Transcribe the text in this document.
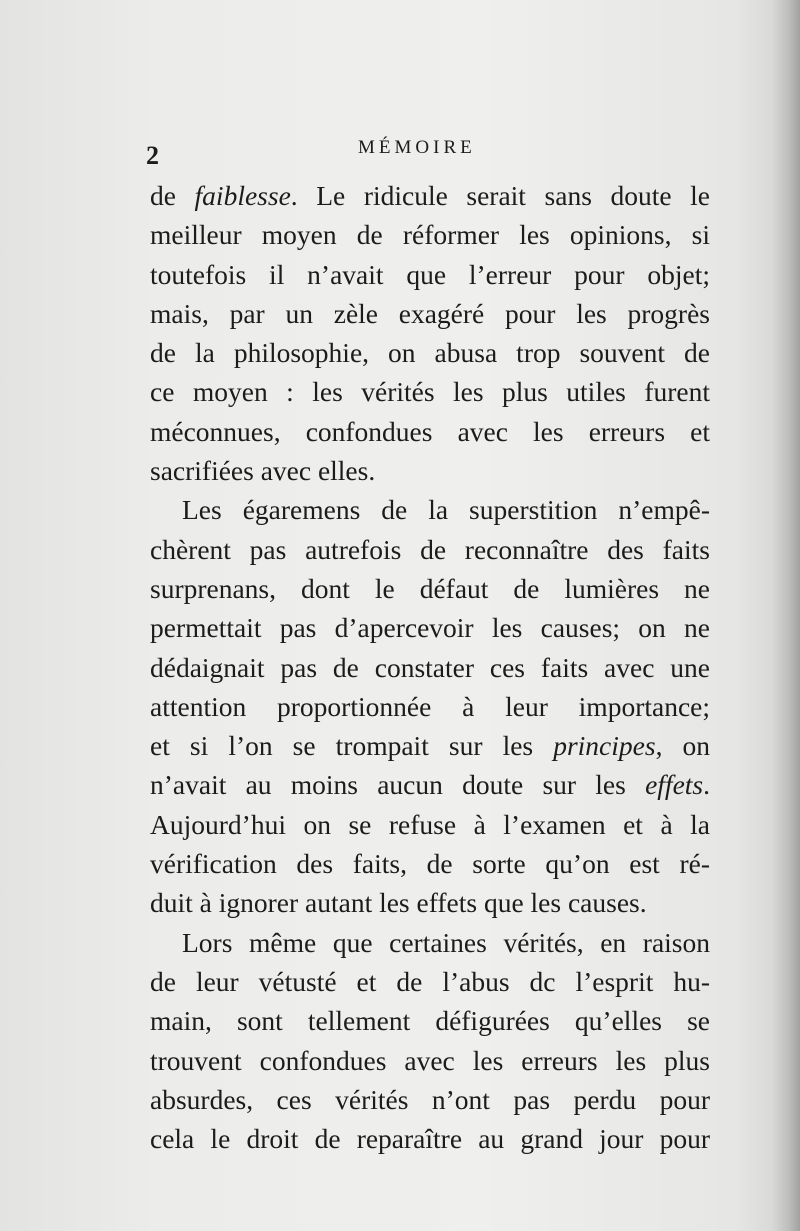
2	MÉMOIRE
de faiblesse. Le ridicule serait sans doute le
meilleur moyen de réformer les opinions, si
toutefois il n’avait que l’erreur pour objet;
mais, par un zèle exagéré pour les progrès
de la philosophie, on abusa trop souvent de
ce moyen : les vérités les plus utiles furent
méconnues, confondues avec les erreurs et
sacrifiées avec elles.
Les égaremens de la superstition n’empê-
chèrent pas autrefois de reconnaître des faits
surprenans, dont le défaut de lumières ne
permettait pas d’apercevoir les causes; on ne
dédaignait pas de constater ces faits avec une
attention proportionnée à leur importance;
et si l’on se trompait sur les principes, on
n’avait au moins aucun doute sur les effets.
Aujourd’hui on se refuse à l’examen et à la
vérification des faits, de sorte qu’on est ré-
duit à ignorer autant les effets que les causes.
Lors même que certaines vérités, en raison
de leur vétusté et de l’abus dc l’esprit hu-
main, sont tellement défigurées qu’elles se
trouvent confondues avec les erreurs les plus
absurdes, ces vérités n’ont pas perdu pour
cela le droit de reparaître au grand jour pour
